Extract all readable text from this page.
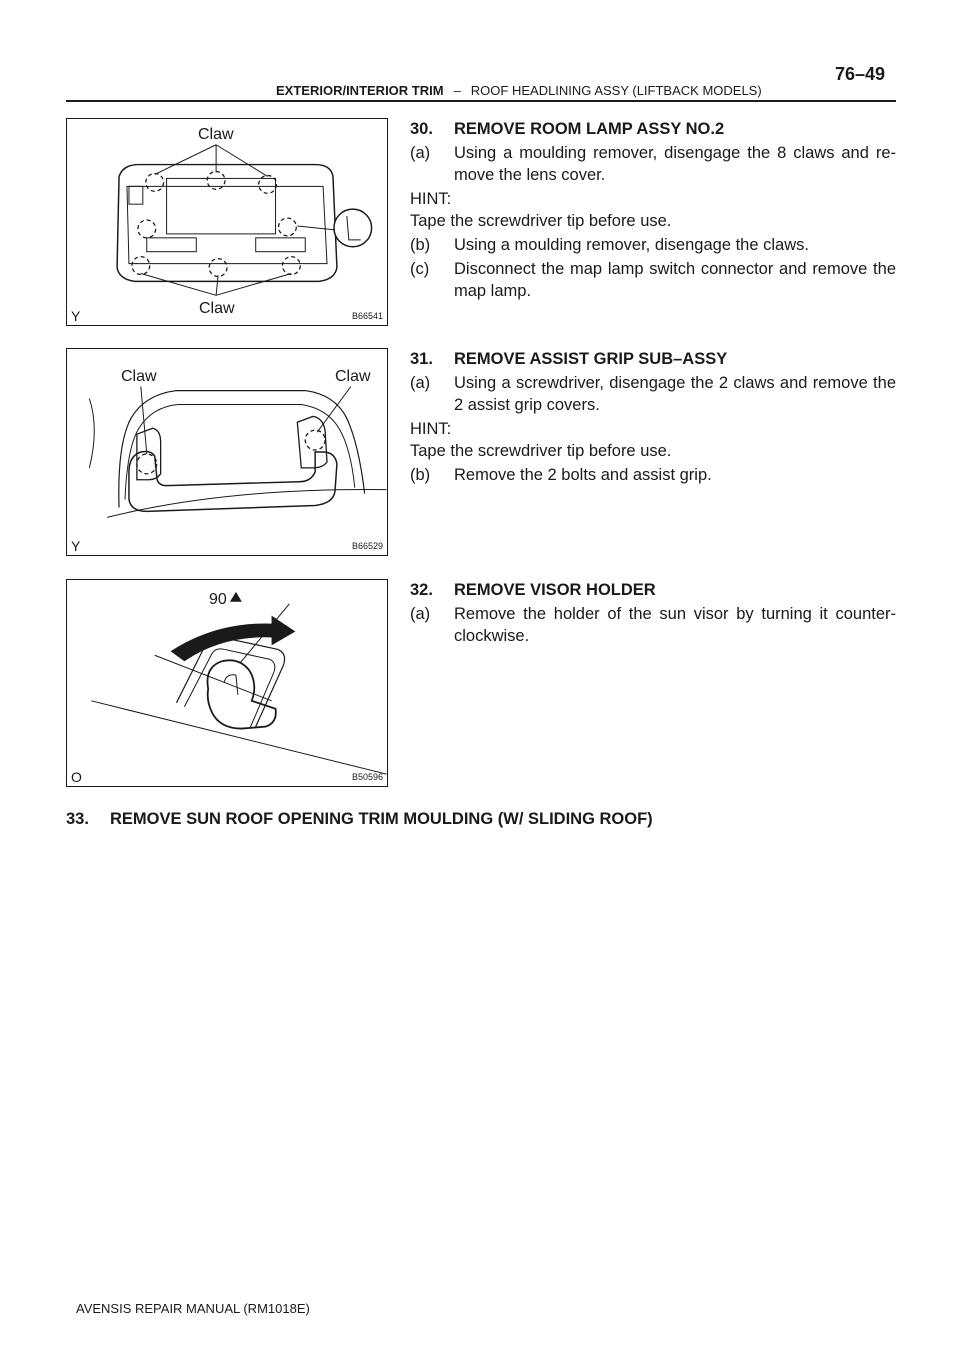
76–49
EXTERIOR/INTERIOR TRIM – ROOF HEADLINING ASSY (LIFTBACK MODELS)
Claw
Claw
Y	B66541
Claw	Claw
Y	B66529
90
O	B50596
30.	REMOVE ROOM LAMP ASSY NO.2
(a)	Using a moulding remover, disengage the 8 claws and re-move the lens cover.
HINT:
Tape the screwdriver tip before use.
(b)	Using a moulding remover, disengage the claws.
(c)	Disconnect the map lamp switch connector and remove the map lamp.
31.	REMOVE ASSIST GRIP SUB–ASSY
(a)	Using a screwdriver, disengage the 2 claws and remove the 2 assist grip covers.
HINT:
Tape the screwdriver tip before use.
(b)	Remove the 2 bolts and assist grip.
32.	REMOVE VISOR HOLDER
(a)	Remove the holder of the sun visor by turning it counter-clockwise.
33.	REMOVE SUN ROOF OPENING TRIM MOULDING (W/ SLIDING ROOF)
AVENSIS REPAIR MANUAL (RM1018E)
